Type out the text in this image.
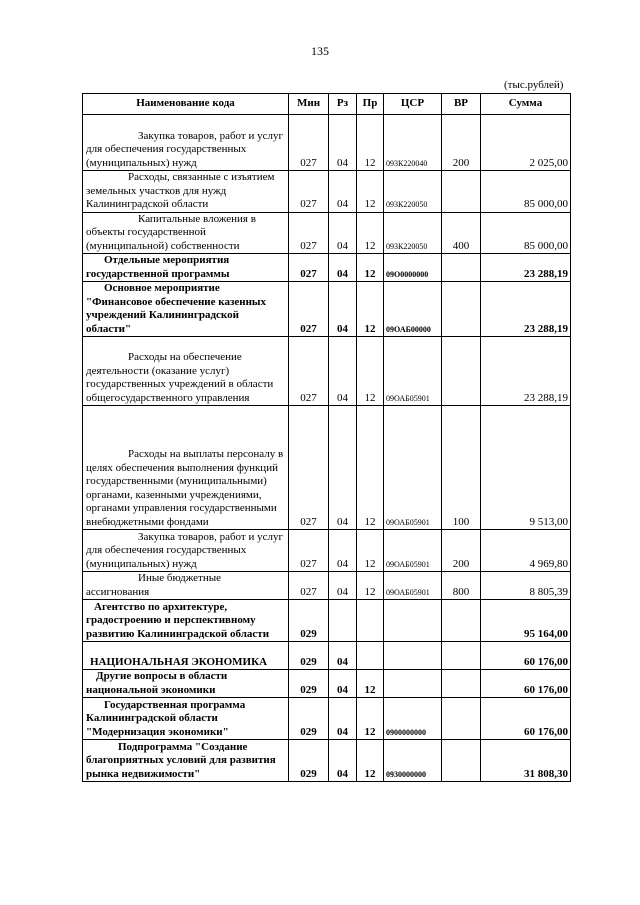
135
(тыс.рублей)
Наименование кода	Мин	Рз	Пр	ЦСР	ВР	Сумма
Закупка товаров, работ и услуг для обеспечения государственных (муниципальных) нужд	027	04	12	093К220040	200	2 025,00
Расходы, связанные с изъятием земельных участков для нужд Калининградской области	027	04	12	093К220050		85 000,00
Капитальные вложения в объекты государственной (муниципальной) собственности	027	04	12	093К220050	400	85 000,00
Отдельные мероприятия государственной программы	027	04	12	09О0000000		23 288,19
Основное мероприятие "Финансовое обеспечение казенных учреждений Калининградской области"	027	04	12	09ОАБ00000		23 288,19
Расходы на обеспечение деятельности (оказание услуг) государственных учреждений в области общегосударственного управления	027	04	12	09ОАБ05901		23 288,19
Расходы на выплаты персоналу в целях обеспечения выполнения функций государственными (муниципальными) органами, казенными учреждениями, органами управления государственными внебюджетными фондами	027	04	12	09ОАБ05901	100	9 513,00
Закупка товаров, работ и услуг для обеспечения государственных (муниципальных) нужд	027	04	12	09ОАБ05901	200	4 969,80
Иные бюджетные ассигнования	027	04	12	09ОАБ05901	800	8 805,39
Агентство по архитектуре, градостроению и перспективному развитию Калининградской области	029					95 164,00
НАЦИОНАЛЬНАЯ ЭКОНОМИКА	029	04				60 176,00
Другие вопросы в области национальной экономики	029	04	12			60 176,00
Государственная программа Калининградской области "Модернизация экономики"	029	04	12	0900000000		60 176,00
Подпрограмма "Создание благоприятных условий для развития рынка недвижимости"	029	04	12	0930000000		31 808,30
